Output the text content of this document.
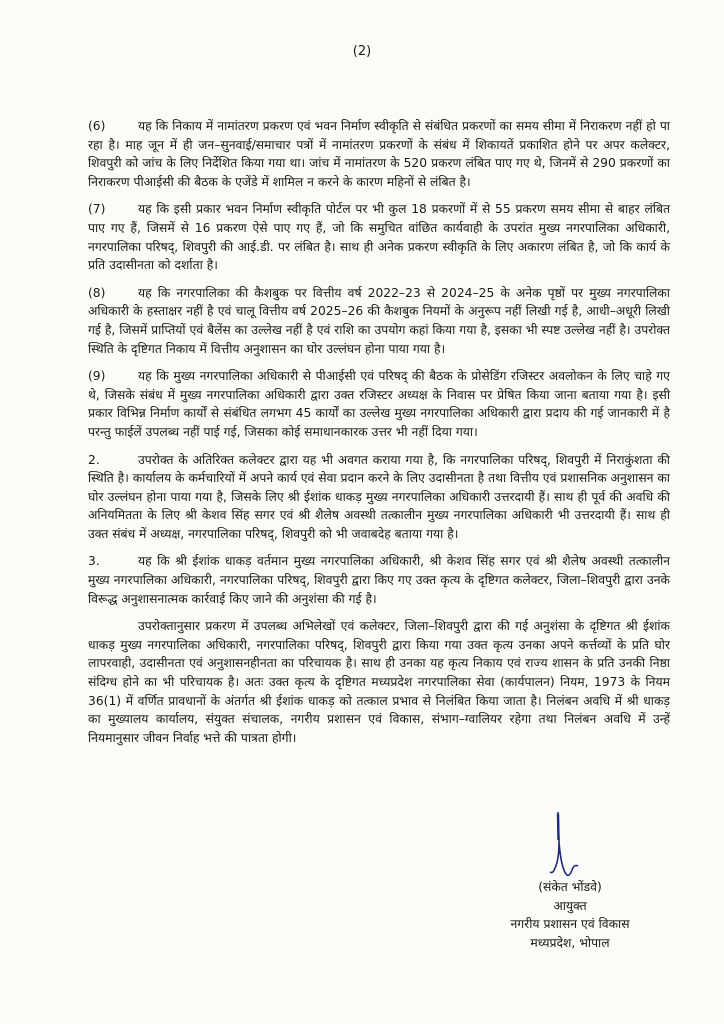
(2)

(6)	यह कि निकाय में नामांतरण प्रकरण एवं भवन निर्माण स्वीकृति से संबंधित प्रकरणों का समय सीमा में निराकरण नहीं हो पा रहा है। माह जून में ही जन–सुनवाई/समाचार पत्रों में नामांतरण प्रकरणों के संबंध में शिकायतें प्रकाशित होने पर अपर कलेक्टर, शिवपुरी को जांच के लिए निर्देशित किया गया था। जांच में नामांतरण के 520 प्रकरण लंबित पाए गए थे, जिनमें से 290 प्रकरणों का निराकरण पीआईसी की बैठक के एजेंडे में शामिल न करने के कारण महिनों से लंबित है।

(7)	यह कि इसी प्रकार भवन निर्माण स्वीकृति पोर्टल पर भी कुल 18 प्रकरणों में से 55 प्रकरण समय सीमा से बाहर लंबित पाए गए हैं, जिसमें से 16 प्रकरण ऐसे पाए गए हैं, जो कि समुचित वांछित कार्यवाही के उपरांत मुख्य नगरपालिका अधिकारी, नगरपालिका परिषद्, शिवपुरी की आई.डी. पर लंबित है। साथ ही अनेक प्रकरण स्वीकृति के लिए अकारण लंबित है, जो कि कार्य के प्रति उदासीनता को दर्शाता है।

(8)	यह कि नगरपालिका की कैशबुक पर वित्तीय वर्ष 2022–23 से 2024–25 के अनेक पृष्ठों पर मुख्य नगरपालिका अधिकारी के हस्ताक्षर नहीं है एवं चालू वित्तीय वर्ष 2025–26 की कैशबुक नियमों के अनुरूप नहीं लिखी गई है, आधी–अधूरी लिखी गई है, जिसमें प्राप्तियों एवं बैलेंस का उल्लेख नहीं है एवं राशि का उपयोग कहां किया गया है, इसका भी स्पष्ट उल्लेख नहीं है। उपरोक्त स्थिति के दृष्टिगत निकाय में वित्तीय अनुशासन का घोर उल्लंघन होना पाया गया है।

(9)	यह कि मुख्य नगरपालिका अधिकारी से पीआईसी एवं परिषद् की बैठक के प्रोसेडिंग रजिस्टर अवलोकन के लिए चाहे गए थे, जिसके संबंध में मुख्य नगरपालिका अधिकारी द्वारा उक्त रजिस्टर अध्यक्ष के निवास पर प्रेषित किया जाना बताया गया है। इसी प्रकार विभिन्न निर्माण कार्यों से संबंधित लगभग 45 कार्यों का उल्लेख मुख्य नगरपालिका अधिकारी द्वारा प्रदाय की गई जानकारी में है परन्तु फाईलें उपलब्ध नहीं पाई गई, जिसका कोई समाधानकारक उत्तर भी नहीं दिया गया।

2.	उपरोक्त के अतिरिक्त कलेक्टर द्वारा यह भी अवगत कराया गया है, कि नगरपालिका परिषद्, शिवपुरी में निराकुंशता की स्थिति है। कार्यालय के कर्मचारियों में अपने कार्य एवं सेवा प्रदान करने के लिए उदासीनता है तथा वित्तीय एवं प्रशासनिक अनुशासन का घोर उल्लंघन होना पाया गया है, जिसके लिए श्री ईशांक धाकड़ मुख्य नगरपालिका अधिकारी उत्तरदायी हैं। साथ ही पूर्व की अवधि की अनियमितता के लिए श्री केशव सिंह सगर एवं श्री शैलेष अवस्थी तत्कालीन मुख्य नगरपालिका अधिकारी भी उत्तरदायी हैं। साथ ही उक्त संबंध में अध्यक्ष, नगरपालिका परिषद्, शिवपुरी को भी जवाबदेह बताया गया है।

3.	यह कि श्री ईशांक धाकड़ वर्तमान मुख्य नगरपालिका अधिकारी, श्री केशव सिंह सगर एवं श्री शैलेष अवस्थी तत्कालीन मुख्य नगरपालिका अधिकारी, नगरपालिका परिषद्, शिवपुरी द्वारा किए गए उक्त कृत्य के दृष्टिगत कलेक्टर, जिला–शिवपुरी द्वारा उनके विरूद्ध अनुशासनात्मक कार्रवाई किए जाने की अनुशंसा की गई है।

उपरोक्तानुसार प्रकरण में उपलब्ध अभिलेखों एवं कलेक्टर, जिला–शिवपुरी द्वारा की गई अनुशंसा के दृष्टिगत श्री ईशांक धाकड़ मुख्य नगरपालिका अधिकारी, नगरपालिका परिषद्, शिवपुरी द्वारा किया गया उक्त कृत्य उनका अपने कर्त्तव्यों के प्रति घोर लापरवाही, उदासीनता एवं अनुशासनहीनता का परिचायक है। साथ ही उनका यह कृत्य निकाय एवं राज्य शासन के प्रति उनकी निष्ठा संदिग्ध होने का भी परिचायक है। अतः उक्त कृत्य के दृष्टिगत मध्यप्रदेश नगरपालिका सेवा (कार्यपालन) नियम, 1973 के नियम 36(1) में वर्णित प्रावधानों के अंतर्गत श्री ईशांक धाकड़ को तत्काल प्रभाव से निलंबित किया जाता है। निलंबन अवधि में श्री धाकड़ का मुख्यालय कार्यालय, संयुक्त संचालक, नगरीय प्रशासन एवं विकास, संभाग–ग्वालियर रहेगा तथा निलंबन अवधि में उन्हें नियमानुसार जीवन निर्वाह भत्ते की पात्रता होगी।

(संकेत भोंडवे)
आयुक्त
नगरीय प्रशासन एवं विकास
मध्यप्रदेश, भोपाल
